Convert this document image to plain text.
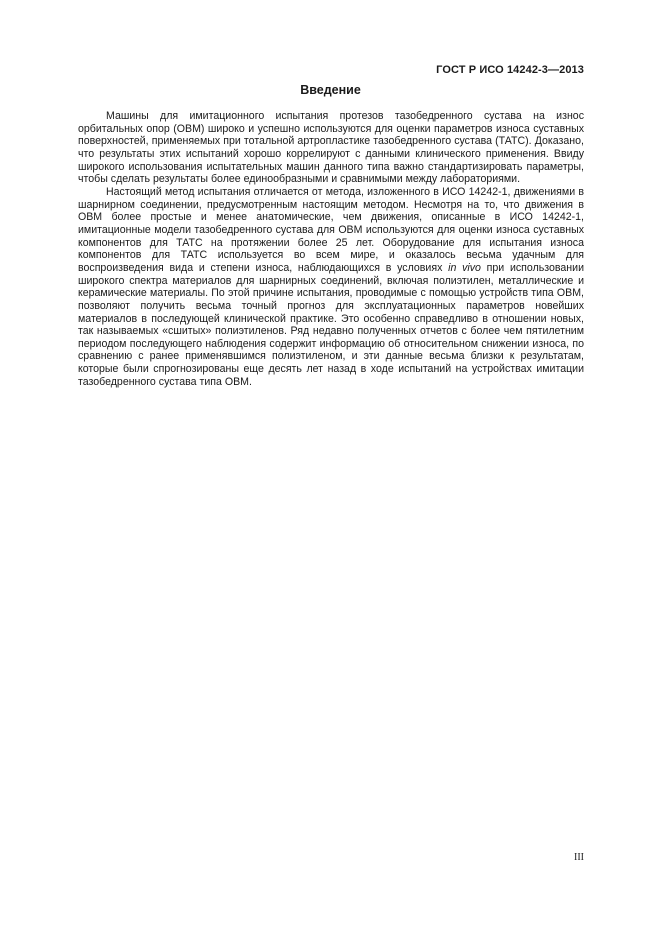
ГОСТ Р ИСО 14242-3—2013
Введение

Машины для имитационного испытания протезов тазобедренного сустава на износ орбитальных опор (ОВМ) широко и успешно используются для оценки параметров износа суставных поверхностей, применяемых при тотальной артропластике тазобедренного сустава (ТАТС). Доказано, что результаты этих испытаний хорошо коррелируют с данными клинического применения. Ввиду широкого использования испытательных машин данного типа важно стандартизировать параметры, чтобы сделать результаты более единообразными и сравнимыми между лабораториями.

Настоящий метод испытания отличается от метода, изложенного в ИСО 14242-1, движениями в шарнирном соединении, предусмотренным настоящим методом. Несмотря на то, что движения в ОВМ более простые и менее анатомические, чем движения, описанные в ИСО 14242-1, имитационные модели тазобедренного сустава для ОВМ используются для оценки износа суставных компонентов для ТАТС на протяжении более 25 лет. Оборудование для испытания износа компонентов для ТАТС используется во всем мире, и оказалось весьма удачным для воспроизведения вида и степени износа, наблюдающихся в условиях in vivo при использовании широкого спектра материалов для шарнирных соединений, включая полиэтилен, металлические и керамические материалы. По этой причине испытания, проводимые с помощью устройств типа ОВМ, позволяют получить весьма точный прогноз для эксплуатационных параметров новейших материалов в последующей клинической практике. Это особенно справедливо в отношении новых, так называемых «сшитых» полиэтиленов. Ряд недавно полученных отчетов с более чем пятилетним периодом последующего наблюдения содержит информацию об относительном снижении износа, по сравнению с ранее применявшимся полиэтиленом, и эти данные весьма близки к результатам, которые были спрогнозированы еще десять лет назад в ходе испытаний на устройствах имитации тазобедренного сустава типа ОВМ.

III
